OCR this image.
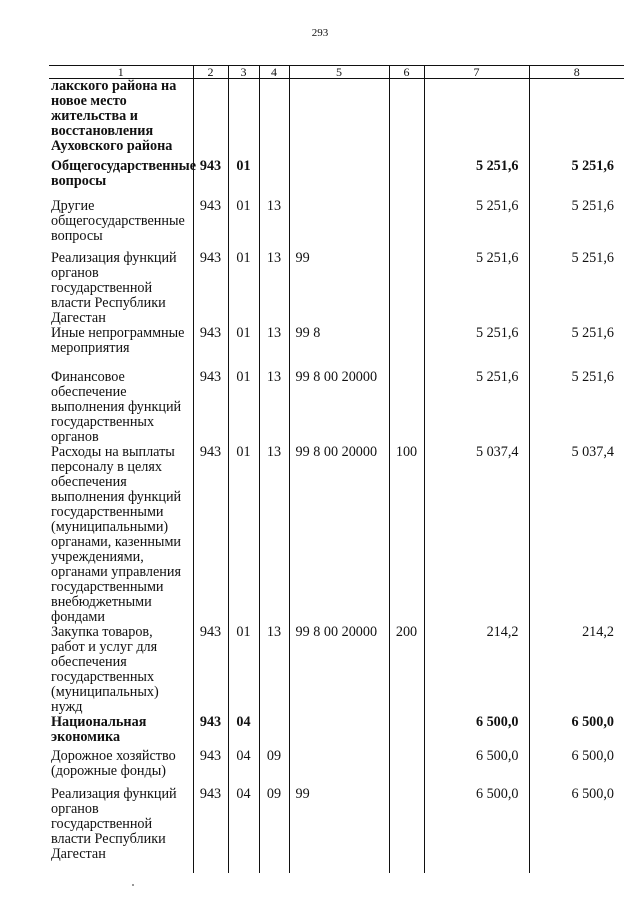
293
1	2	3	4	5	6	7	8
лакского района на новое место жительства и восстановления Ауховского района							
Общегосударственные вопросы	943	01				5 251,6	5 251,6
Другие общегосударственные вопросы	943	01	13			5 251,6	5 251,6
Реализация функций органов государственной власти Республики Дагестан	943	01	13	99		5 251,6	5 251,6
Иные непрограммные мероприятия	943	01	13	99 8		5 251,6	5 251,6
Финансовое обеспечение выполнения функций государственных органов	943	01	13	99 8 00 20000		5 251,6	5 251,6
Расходы на выплаты персоналу в целях обеспечения выполнения функций государственными (муниципальными) органами, казенными учреждениями, органами управления государственными внебюджетными фондами	943	01	13	99 8 00 20000	100	5 037,4	5 037,4
Закупка товаров, работ и услуг для обеспечения государственных (муниципальных) нужд	943	01	13	99 8 00 20000	200	214,2	214,2
Национальная экономика	943	04				6 500,0	6 500,0
Дорожное хозяйство (дорожные фонды)	943	04	09			6 500,0	6 500,0
Реализация функций органов государственной власти Республики Дагестан	943	04	09	99		6 500,0	6 500,0
